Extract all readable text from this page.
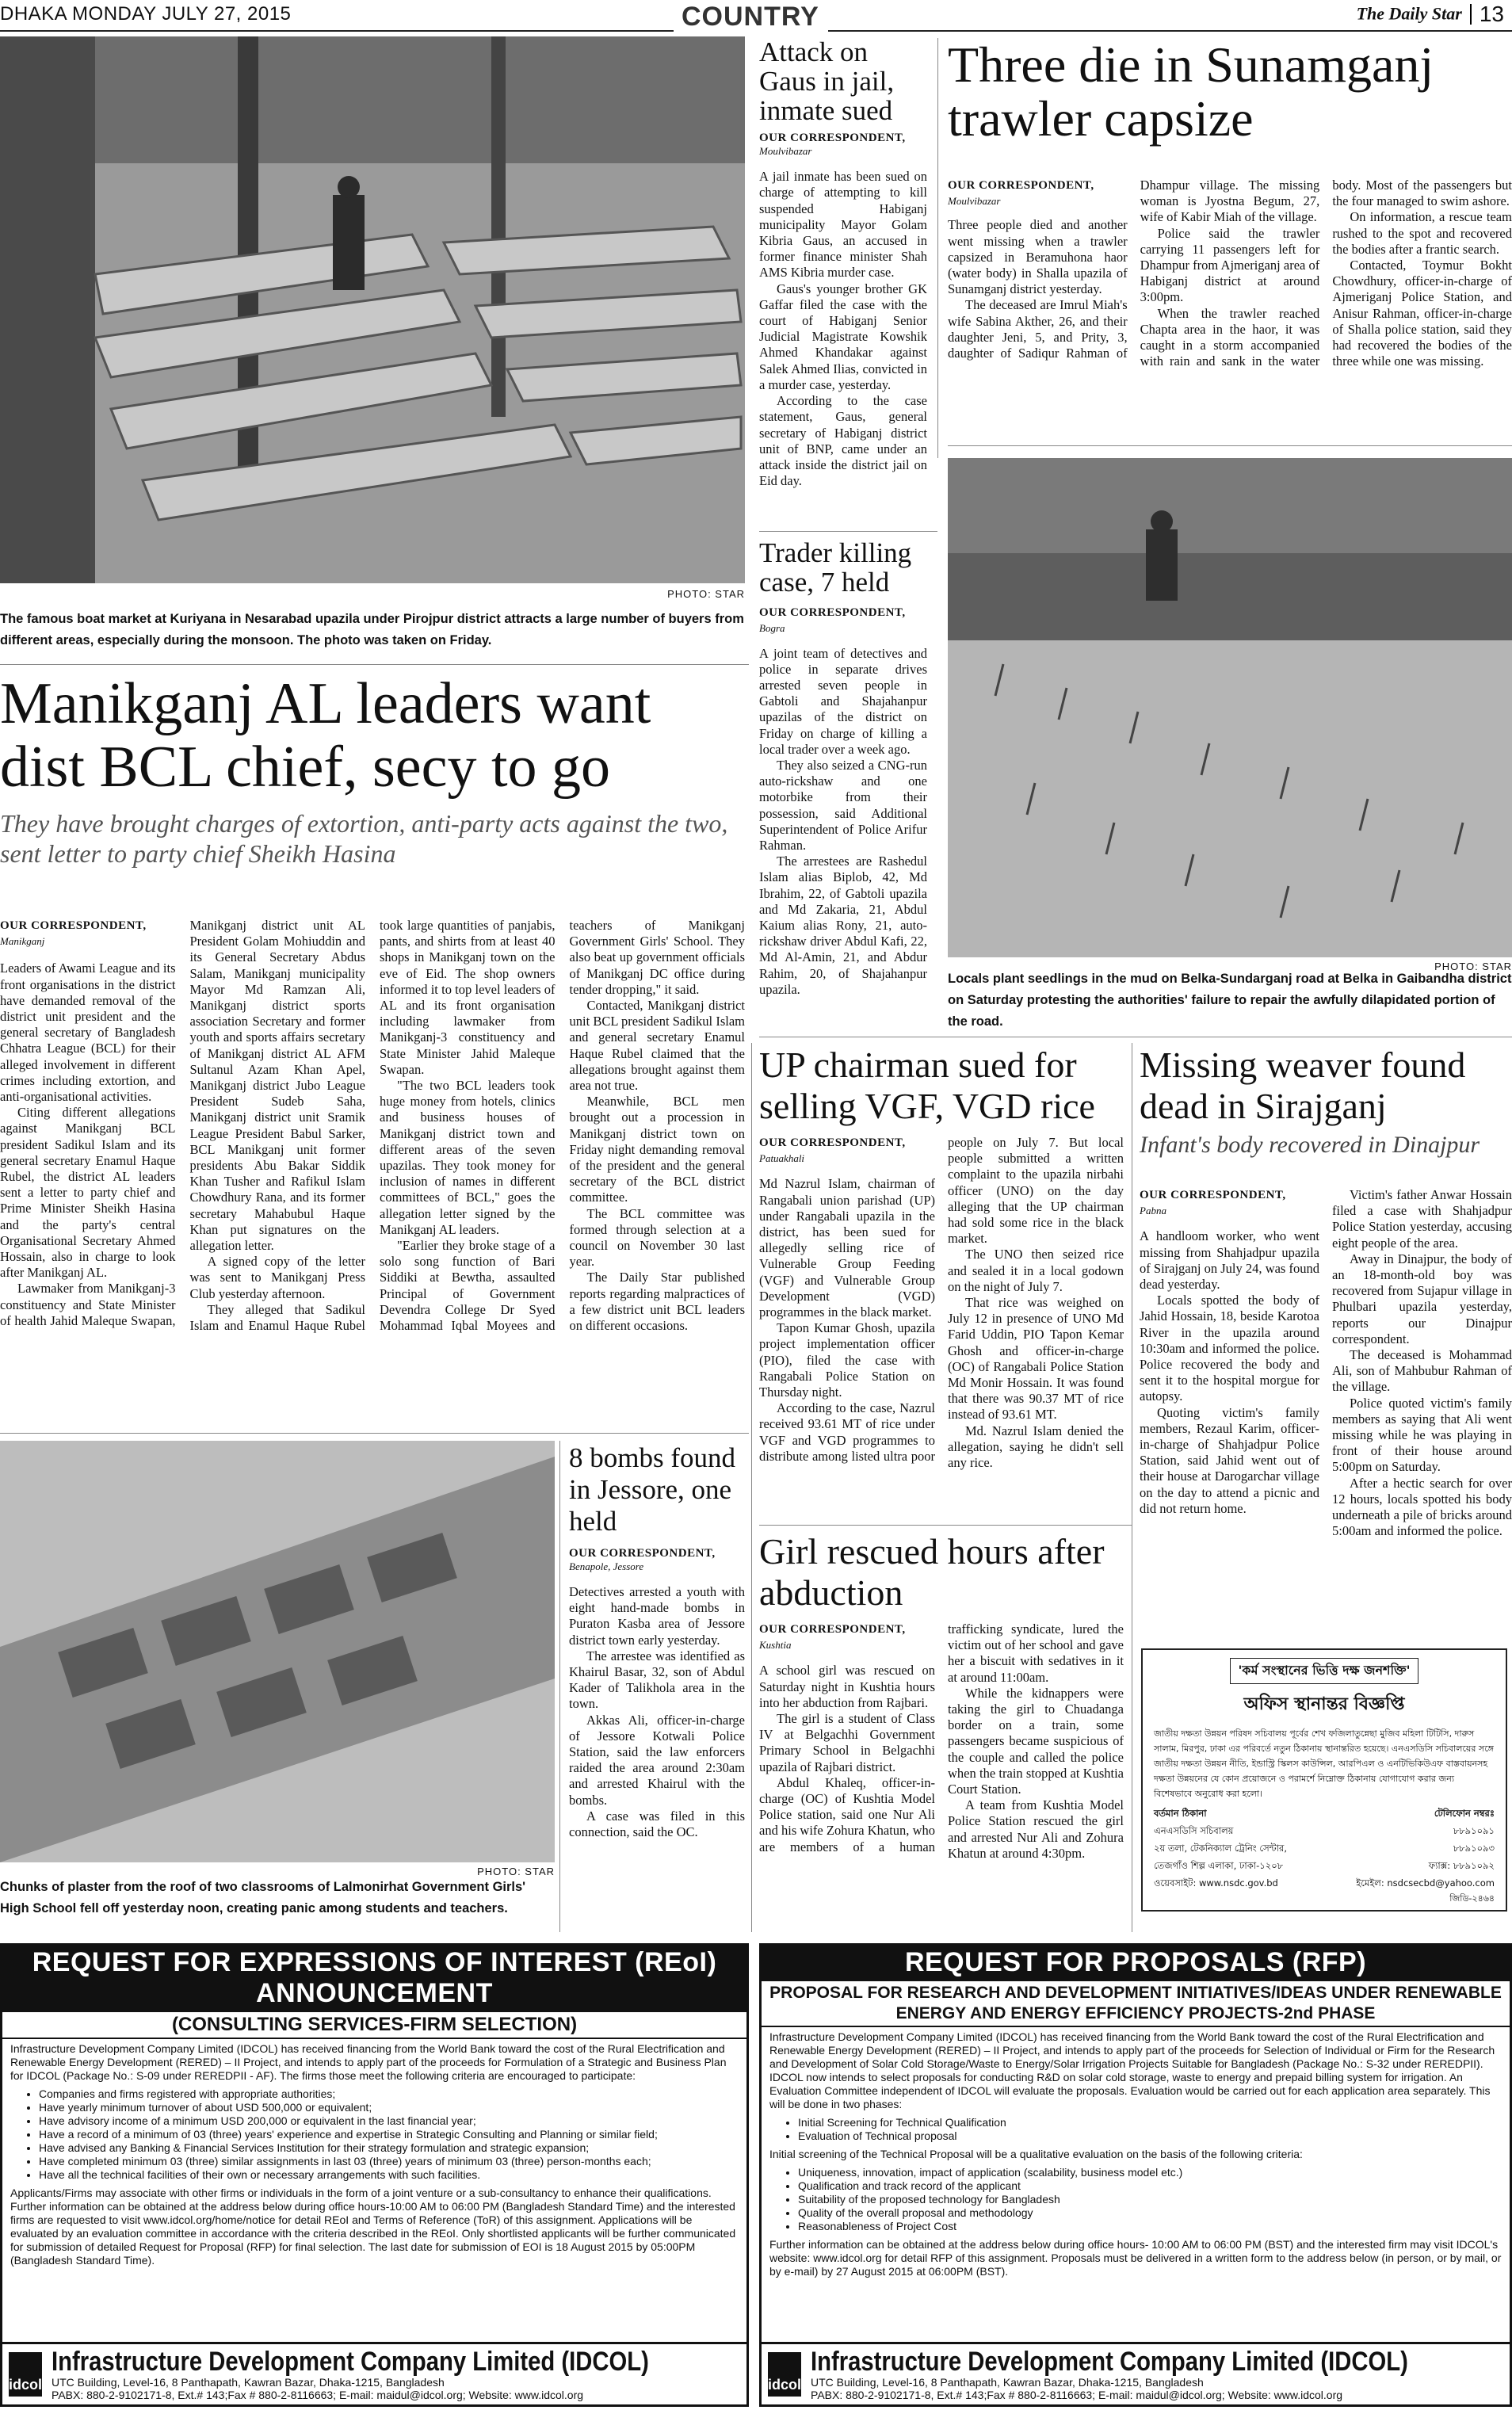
DHAKA MONDAY JULY 27, 2015	COUNTRY	The Daily Star 13
PHOTO: STAR
The famous boat market at Kuriyana in Nesarabad upazila under Pirojpur district attracts a large number of buyers from different areas, especially during the monsoon. The photo was taken on Friday.
Attack on Gaus in jail, inmate sued
OUR CORRESPONDENT,
Moulvibazar

A jail inmate has been sued on charge of attempting to kill suspended Habiganj municipality Mayor Golam Kibria Gaus, an accused in former finance minister Shah AMS Kibria murder case.

Gaus's younger brother GK Gaffar filed the case with the court of Habiganj Senior Judicial Magistrate Kowshik Ahmed Khandakar against Salek Ahmed Ilias, convicted in a murder case, yesterday.

According to the case statement, Gaus, general secretary of Habiganj district unit of BNP, came under an attack inside the district jail on Eid day.

Three die in Sunamganj trawler capsize
OUR CORRESPONDENT,
Moulvibazar

Three people died and another went missing when a trawler capsized in Beramuhona haor (water body) in Shalla upazila of Sunamganj district yesterday.

The deceased are Imrul Miah's wife Sabina Akther, 26, and their daughter Jeni, 5, and Prity, 3, daughter of Sadiqur Rahman of Dhampur village. The missing woman is Jyostna Begum, 27, wife of Kabir Miah of the village.

Police said the trawler carrying 11 passengers left for Dhampur from Ajmeriganj area of Habiganj district at around 3:00pm.

When the trawler reached Chapta area in the haor, it was caught in a storm accompanied with rain and sank in the water body. Most of the passengers but the four managed to swim ashore.

On information, a rescue team rushed to the spot and recovered the bodies after a frantic search.

Contacted, Toymur Bokht Chowdhury, officer-in-charge of Ajmeriganj Police Station, and Anisur Rahman, officer-in-charge of Shalla police station, said they had recovered the bodies of the three while one was missing.

Trader killing case, 7 held
OUR CORRESPONDENT, Bogra

A joint team of detectives and police in separate drives arrested seven people in Gabtoli and Shajahanpur upazilas of the district on Friday on charge of killing a local trader over a week ago.

They also seized a CNG-run auto-rickshaw and one motorbike from their possession, said Additional Superintendent of Police Arifur Rahman.

The arrestees are Rashedul Islam alias Biplob, 42, Md Ibrahim, 22, of Gabtoli upazila and Md Zakaria, 21, Abdul Kaium alias Rony, 21, auto-rickshaw driver Abdul Kafi, 22, Md Al-Amin, 21, and Abdur Rahim, 20, of Shajahanpur upazila.

PHOTO: STAR
Locals plant seedlings in the mud on Belka-Sundarganj road at Belka in Gaibandha district on Saturday protesting the authorities' failure to repair the awfully dilapidated portion of the road.
Manikganj AL leaders want dist BCL chief, secy to go
They have brought charges of extortion, anti-party acts against the two, sent letter to party chief Sheikh Hasina
OUR CORRESPONDENT,
Manikganj

Leaders of Awami League and its front organisations in the district have demanded removal of the district unit president and the general secretary of Bangladesh Chhatra League (BCL) for their alleged involvement in different crimes including extortion, and anti-organisational activities.

Citing different allegations against Manikganj BCL president Sadikul Islam and its general secretary Enamul Haque Rubel, the district AL leaders sent a letter to party chief and Prime Minister Sheikh Hasina and the party's central Organisational Secretary Ahmed Hossain, also in charge to look after Manikganj AL.

Lawmaker from Manikganj-3 constituency and State Minister of health Jahid Maleque Swapan, Manikganj district unit AL President Golam Mohiuddin and its General Secretary Abdus Salam, Manikganj municipality Mayor Md Ramzan Ali, Manikganj district sports association Secretary and former youth and sports affairs secretary of Manikganj district AL AFM Sultanul Azam Khan Apel, Manikganj district Jubo League President Sudeb Saha, Manikganj district unit Sramik League President Babul Sarker, BCL Manikganj unit former presidents Abu Bakar Siddik Khan Tusher and Rafikul Islam Chowdhury Rana, and its former secretary Mahabubul Haque Khan put signatures on the allegation letter.

A signed copy of the letter was sent to Manikganj Press Club yesterday afternoon.

They alleged that Sadikul Islam and Enamul Haque Rubel took large quantities of panjabis, pants, and shirts from at least 40 shops in Manikganj town on the eve of Eid. The shop owners informed it to top level leaders of AL and its front organisation including lawmaker from Manikganj-3 constituency and State Minister Jahid Maleque Swapan.

"The two BCL leaders took huge money from hotels, clinics and business houses of Manikganj district town and different areas of the seven upazilas. They took money for inclusion of names in different committees of BCL," goes the allegation letter signed by the Manikganj AL leaders.

"Earlier they broke stage of a solo song function of Bari Siddiki at Bewtha, assaulted Principal of Government Devendra College Dr Syed Mohammad Iqbal Moyees and teachers of Manikganj Government Girls' School. They also beat up government officials of Manikganj DC office during tender dropping," it said.

Contacted, Manikganj district unit BCL president Sadikul Islam and general secretary Enamul Haque Rubel claimed that the allegations brought against them area not true.

Meanwhile, BCL men brought out a procession in Manikganj district town on Friday night demanding removal of the president and the general secretary of the BCL district committee.

The BCL committee was formed through selection at a council on November 30 last year.

The Daily Star published reports regarding malpractices of a few district unit BCL leaders on different occasions.

PHOTO: STAR
Chunks of plaster from the roof of two classrooms of Lalmonirhat Government Girls' High School fell off yesterday noon, creating panic among students and teachers.
8 bombs found in Jessore, one held
OUR CORRESPONDENT,
Benapole, Jessore

Detectives arrested a youth with eight hand-made bombs in Puraton Kasba area of Jessore district town early yesterday.

The arrestee was identified as Khairul Basar, 32, son of Abdul Kader of Talikhola area in the town.

Akkas Ali, officer-in-charge of Jessore Kotwali Police Station, said the law enforcers raided the area around 2:30am and arrested Khairul with the bombs.

A case was filed in this connection, said the OC.

UP chairman sued for selling VGF, VGD rice
OUR CORRESPONDENT,
Patuakhali

Md Nazrul Islam, chairman of Rangabali union parishad (UP) under Rangabali upazila in the district, has been sued for allegedly selling rice of Vulnerable Group Feeding (VGF) and Vulnerable Group Development (VGD) programmes in the black market.

Tapon Kumar Ghosh, upazila project implementation officer (PIO), filed the case with Rangabali Police Station on Thursday night.

According to the case, Nazrul received 93.61 MT of rice under VGF and VGD programmes to distribute among listed ultra poor people on July 7. But local people submitted a written complaint to the upazila nirbahi officer (UNO) on the day alleging that the UP chairman had sold some rice in the black market.

The UNO then seized rice and sealed it in a local godown on the night of July 7.

That rice was weighed on July 12 in presence of UNO Md Farid Uddin, PIO Tapon Kemar Ghosh and officer-in-charge (OC) of Rangabali Police Station Md Monir Hossain. It was found that there was 90.37 MT of rice instead of 93.61 MT.

Md. Nazrul Islam denied the allegation, saying he didn't sell any rice.

Girl rescued hours after abduction
OUR CORRESPONDENT,
Kushtia

A school girl was rescued on Saturday night in Kushtia hours into her abduction from Rajbari.

The girl is a student of Class IV at Belgachhi Government Primary School in Belgachhi upazila of Rajbari district.

Abdul Khaleq, officer-in-charge (OC) of Kushtia Model Police station, said one Nur Ali and his wife Zohura Khatun, who are members of a human trafficking syndicate, lured the victim out of her school and gave her a biscuit with sedatives in it at around 11:00am.

While the kidnappers were taking the girl to Chuadanga border on a train, some passengers became suspicious of the couple and called the police when the train stopped at Kushtia Court Station.

A team from Kushtia Model Police Station rescued the girl and arrested Nur Ali and Zohura Khatun at around 4:30pm.

Missing weaver found dead in Sirajganj
Infant's body recovered in Dinajpur
OUR CORRESPONDENT,
Pabna

A handloom worker, who went missing from Shahjadpur upazila of Sirajganj on July 24, was found dead yesterday.

Locals spotted the body of Jahid Hossain, 18, beside Karotoa River in the upazila around 10:30am and informed the police. Police recovered the body and sent it to the hospital morgue for autopsy.

Quoting victim's family members, Rezaul Karim, officer-in-charge of Shahjadpur Police Station, said Jahid went out of their house at Darogarchar village on the day to attend a picnic and did not return home.

Victim's father Anwar Hossain filed a case with Shahjadpur Police Station yesterday, accusing eight people of the area.

Away in Dinajpur, the body of an 18-month-old boy was recovered from Sujapur village in Phulbari upazila yesterday, reports our Dinajpur correspondent.

The deceased is Mohammad Ali, son of Mahbubur Rahman of the village.

Police quoted victim's family members as saying that Ali went missing while he was playing in front of their house around 5:00pm on Saturday.

After a hectic search for over 12 hours, locals spotted his body underneath a pile of bricks around 5:00am and informed the police.

'কর্ম সংস্থানের ভিত্তি দক্ষ জনশক্তি'
অফিস স্থানান্তর বিজ্ঞপ্তি
জাতীয় দক্ষতা উন্নয়ন পরিষদ সচিবালয় পূর্বের শেখ ফজিলাতুন্নেছা মুজিব মহিলা টিটিসি, দারুস সালাম, মিরপুর, ঢাকা এর পরিবর্তে নতুন ঠিকানায় স্থানান্তরিত হয়েছে। এনএসডিসি সচিবালয়ের সঙ্গে জাতীয় দক্ষতা উন্নয়ন নীতি, ইন্ডাস্ট্রি স্কিলস কাউন্সিল, আরপিএল ও এনটিভিকিউএফ বাস্তবায়নসহ দক্ষতা উন্নয়নের যে কোন প্রয়োজনে ও পরামর্শে নিম্নোক্ত ঠিকানায় যোগাযোগ করার জন্য বিশেষভাবে অনুরোধ করা হলো।
বর্তমান ঠিকানা	টেলিফোন নম্বরঃ
এনএসডিসি সচিবালয়	৮৮৯১০৯১
২য় তলা, টেকনিক্যাল ট্রেনিং সেন্টার,	৮৮৯১০৯৩
তেজগাঁও শিল্প এলাকা, ঢাকা-১২০৮	ফ্যাক্স: ৮৮৯১০৯২
ওয়েবসাইট: www.nsdc.gov.bd	ইমেইল: nsdcsecbd@yahoo.com
জিডি-২৪৬৪
REQUEST FOR EXPRESSIONS OF INTEREST (REoI) ANNOUNCEMENT
(CONSULTING SERVICES-FIRM SELECTION)
Infrastructure Development Company Limited (IDCOL) has received financing from the World Bank toward the cost of the Rural Electrification and Renewable Energy Development (RERED) – II Project, and intends to apply part of the proceeds for Formulation of a Strategic and Business Plan for IDCOL (Package No.: S-09 under REREDPII - AF). The firms those meet the following criteria are encouraged to participate:
• Companies and firms registered with appropriate authorities;
• Have yearly minimum turnover of about USD 500,000 or equivalent;
• Have advisory income of a minimum USD 200,000 or equivalent in the last financial year;
• Have a record of a minimum of 03 (three) years' experience and expertise in Strategic Consulting and Planning or similar field;
• Have advised any Banking & Financial Services Institution for their strategy formulation and strategic expansion;
• Have completed minimum 03 (three) similar assignments in last 03 (three) years of minimum 03 (three) person-months each;
• Have all the technical facilities of their own or necessary arrangements with such facilities.
Applicants/Firms may associate with other firms or individuals in the form of a joint venture or a sub-consultancy to enhance their qualifications. Further information can be obtained at the address below during office hours-10:00 AM to 06:00 PM (Bangladesh Standard Time) and the interested firms are requested to visit www.idcol.org/home/notice for detail REoI and Terms of Reference (ToR) of this assignment. Applications will be evaluated by an evaluation committee in accordance with the criteria described in the REoI. Only shortlisted applicants will be further communicated for submission of detailed Request for Proposal (RFP) for final selection. The last date for submission of EOI is 18 August 2015 by 05:00PM (Bangladesh Standard Time).
idcol
Infrastructure Development Company Limited (IDCOL)
UTC Building, Level-16, 8 Panthapath, Kawran Bazar, Dhaka-1215, Bangladesh
PABX: 880-2-9102171-8, Ext.# 143;Fax # 880-2-8116663; E-mail: maidul@idcol.org; Website: www.idcol.org
REQUEST FOR PROPOSALS (RFP)
PROPOSAL FOR RESEARCH AND DEVELOPMENT INITIATIVES/IDEAS UNDER RENEWABLE ENERGY AND ENERGY EFFICIENCY PROJECTS-2nd PHASE
Infrastructure Development Company Limited (IDCOL) has received financing from the World Bank toward the cost of the Rural Electrification and Renewable Energy Development (RERED) – II Project, and intends to apply part of the proceeds for Selection of Individual or Firm for the Research and Development of Solar Cold Storage/Waste to Energy/Solar Irrigation Projects Suitable for Bangladesh (Package No.: S-32 under REREDPII). IDCOL now intends to select proposals for conducting R&D on solar cold storage, waste to energy and prepaid billing system for irrigation. An Evaluation Committee independent of IDCOL will evaluate the proposals. Evaluation would be carried out for each application area separately. This will be done in two phases:
• Initial Screening for Technical Qualification
• Evaluation of Technical proposal
Initial screening of the Technical Proposal will be a qualitative evaluation on the basis of the following criteria:
• Uniqueness, innovation, impact of application (scalability, business model etc.)
• Qualification and track record of the applicant
• Suitability of the proposed technology for Bangladesh
• Quality of the overall proposal and methodology
• Reasonableness of Project Cost
Further information can be obtained at the address below during office hours- 10:00 AM to 06:00 PM (BST) and the interested firm may visit IDCOL's website: www.idcol.org for detail RFP of this assignment. Proposals must be delivered in a written form to the address below (in person, or by mail, or by e-mail) by 27 August 2015 at 06:00PM (BST).
idcol
Infrastructure Development Company Limited (IDCOL)
UTC Building, Level-16, 8 Panthapath, Kawran Bazar, Dhaka-1215, Bangladesh
PABX: 880-2-9102171-8, Ext.# 143;Fax # 880-2-8116663; E-mail: maidul@idcol.org; Website: www.idcol.org
